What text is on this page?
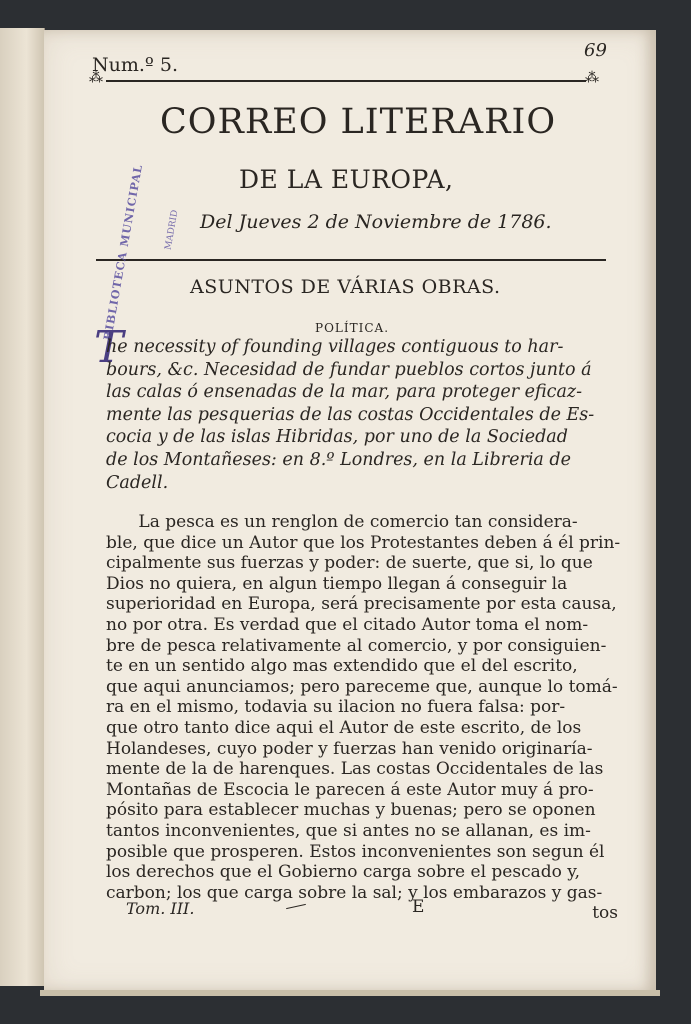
Num.º 5.
69
⁂	⁂
CORREO LITERARIO
DE LA EUROPA,
Del Jueves 2 de Noviembre de 1786.
BIBLIOTECA MUNICIPAL	MADRID
ASUNTOS DE VÁRIAS OBRAS.
POLÍTICA.
T
he necessity of founding villages contiguous to har-
bours, &c. Necesidad de fundar pueblos cortos junto á
las calas ó ensenadas de la mar, para proteger eficaz-
mente las pesquerias de las costas Occidentales de Es-
cocia y de las islas Hibridas, por uno de la Sociedad
de los Montañeses: en 8.º Londres, en la Libreria de
Cadell.
La pesca es un renglon de comercio tan considera-
ble, que dice un Autor que los Protestantes deben á él prin-
cipalmente sus fuerzas y poder: de suerte, que si, lo que
Dios no quiera, en algun tiempo llegan á conseguir la
superioridad en Europa, será precisamente por esta causa,
no por otra. Es verdad que el citado Autor toma el nom-
bre de pesca relativamente al comercio, y por consiguien-
te en un sentido algo mas extendido que el del escrito,
que aqui anunciamos; pero pareceme que, aunque lo tomá-
ra en el mismo, todavia su ilacion no fuera falsa: por-
que otro tanto dice aqui el Autor de este escrito, de los
Holandeses, cuyo poder y fuerzas han venido originaría-
mente de la de harenques. Las costas Occidentales de las
Montañas de Escocia le parecen á este Autor muy á pro-
pósito para establecer muchas y buenas; pero se oponen
tantos inconvenientes, que si antes no se allanan, es im-
posible que prosperen. Estos inconvenientes son segun él
los derechos que el Gobierno carga sobre el pescado y,
carbon; los que carga sobre la sal; y los embarazos y gas-
tos
Tom. III.	E
